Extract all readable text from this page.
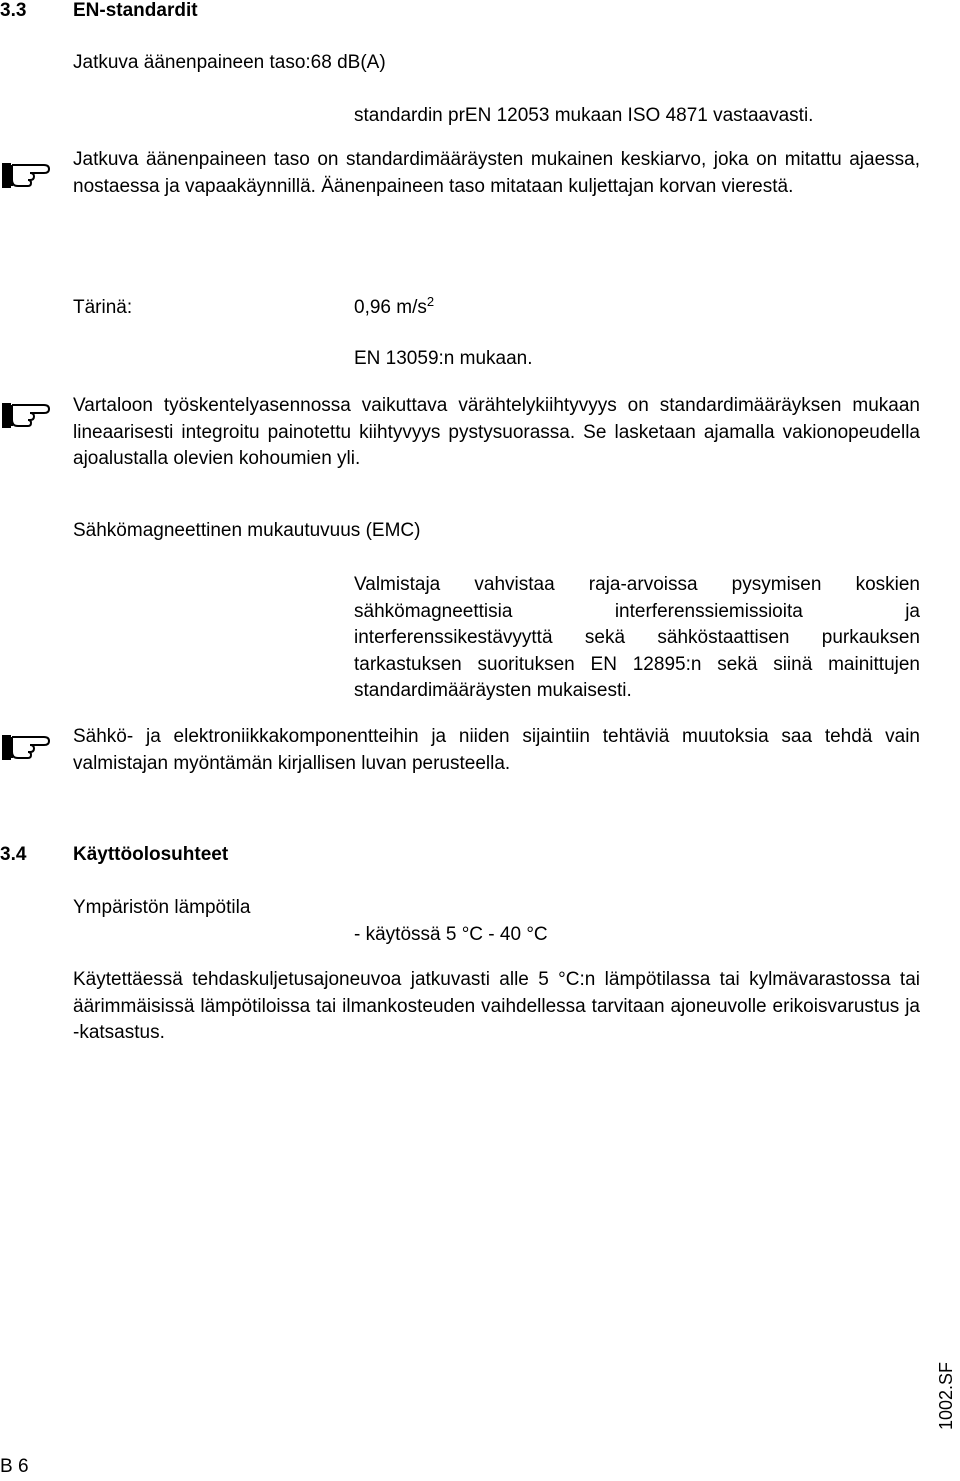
3.3 EN-standardit
Jatkuva äänenpaineen taso:68 dB(A)
standardin prEN 12053 mukaan ISO 4871 vastaavasti.
Jatkuva äänenpaineen taso on standardimääräysten mukainen keskiarvo, joka on mitattu ajaessa, nostaessa ja vapaakäynnillä. Äänenpaineen taso mitataan kuljettajan korvan vierestä.
Tärinä:	0,96 $m/s^2$
EN 13059:n mukaan.
Vartaloon työskentelyasennossa vaikuttava värähtelykiihtyvyys on standardimääräyksen mukaan lineaarisesti integroitu painotettu kiihtyvyys pystysuorassa. Se lasketaan ajamalla vakionopeudella ajoalustalla olevien kohoumien yli.
Sähkömagneettinen mukautuvuus (EMC)
Valmistaja vahvistaa raja-arvoissa pysymisen koskien sähkömagneettisia interferenssiemissioita ja interferenssikestävyyttä sekä sähköstaattisen purkauksen tarkastuksen suorituksen EN 12895:n sekä siinä mainittujen standardimääräysten mukaisesti.
Sähkö- ja elektroniikkakomponentteihin ja niiden sijaintiin tehtäviä muutoksia saa tehdä vain valmistajan myöntämän kirjallisen luvan perusteella.
3.4 Käyttöolosuhteet
Ympäristön lämpötila
- käytössä 5 °C - 40 °C
Käytettäessä tehdaskuljetusajoneuvoa jatkuvasti alle 5 °C:n lämpötilassa tai kylmävarastossa tai äärimmäisissä lämpötiloissa tai ilmankosteuden vaihdellessa tarvitaan ajoneuvolle erikoisvarustus ja -katsastus.
1002.SF
B 6
